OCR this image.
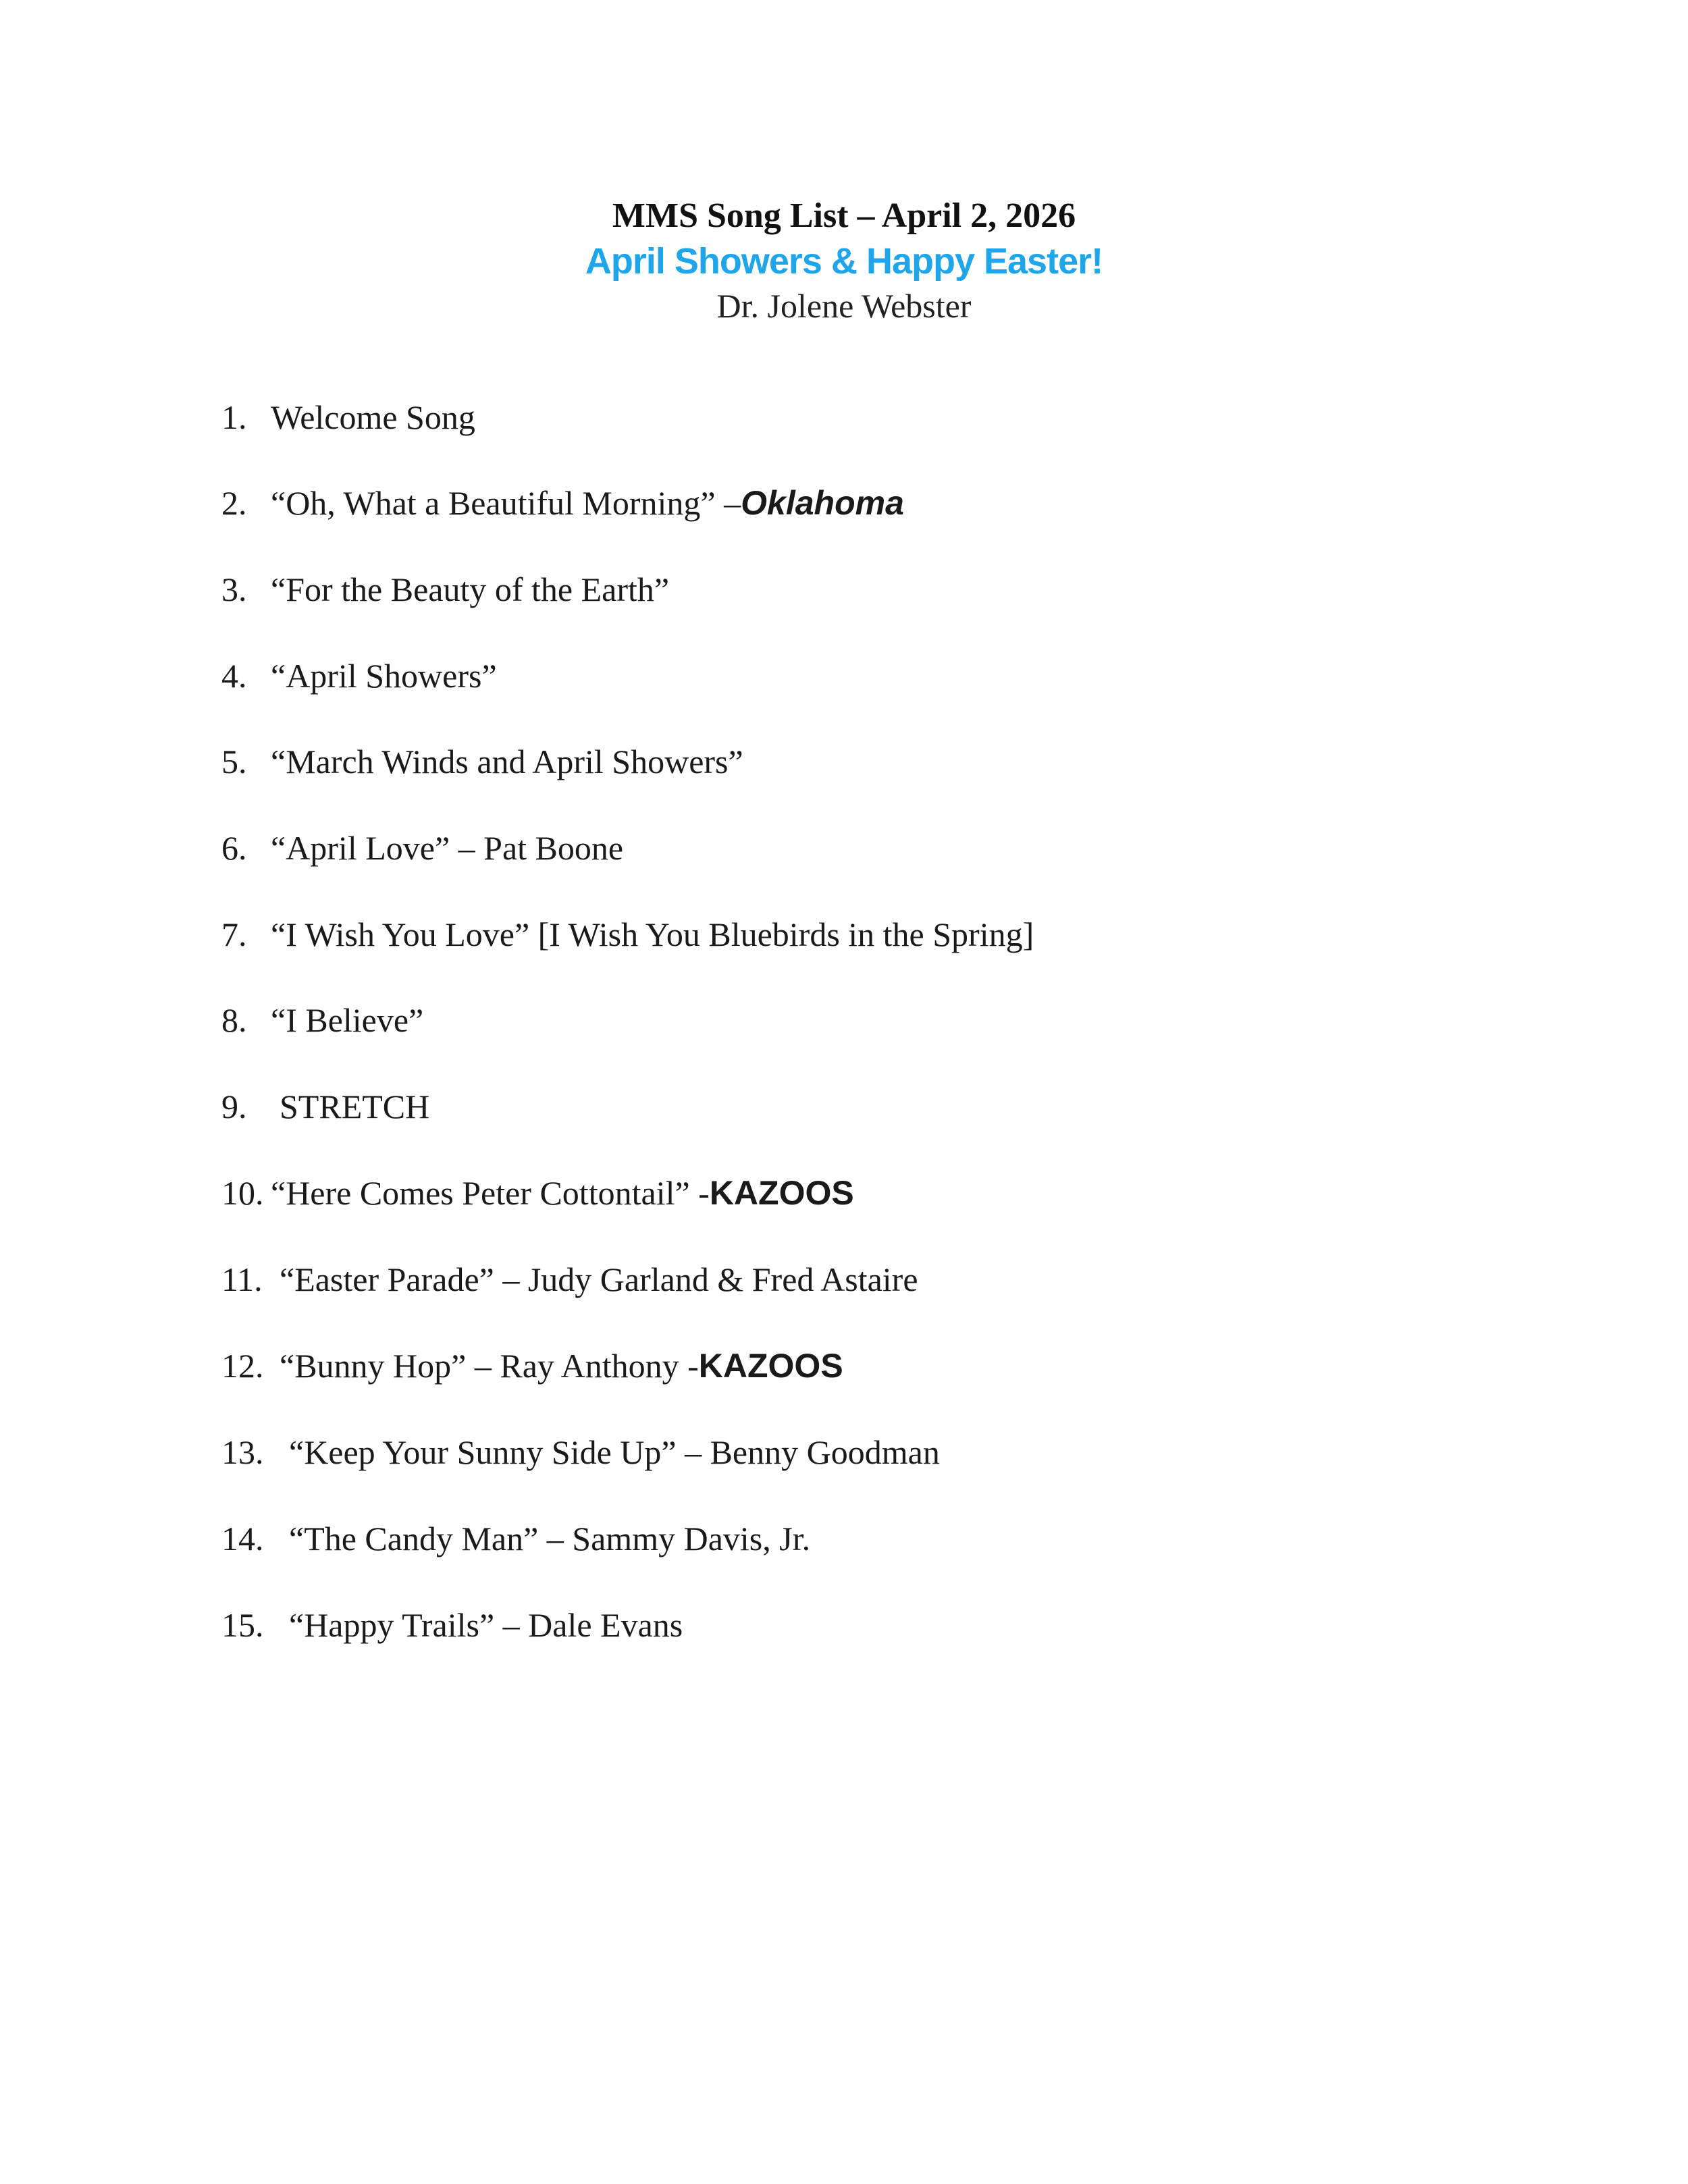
MMS Song List – April 2, 2026
April Showers & Happy Easter!
Dr. Jolene Webster
1. Welcome Song
2. “Oh, What a Beautiful Morning” –Oklahoma
3. “For the Beauty of the Earth”
4. “April Showers”
5. “March Winds and April Showers”
6. “April Love” – Pat Boone
7. “I Wish You Love” [I Wish You Bluebirds in the Spring]
8. “I Believe”
9. STRETCH
10. “Here Comes Peter Cottontail” -KAZOOS
11. “Easter Parade” – Judy Garland & Fred Astaire
12. “Bunny Hop” – Ray Anthony -KAZOOS
13. “Keep Your Sunny Side Up” – Benny Goodman
14. “The Candy Man” – Sammy Davis, Jr.
15. “Happy Trails” – Dale Evans
